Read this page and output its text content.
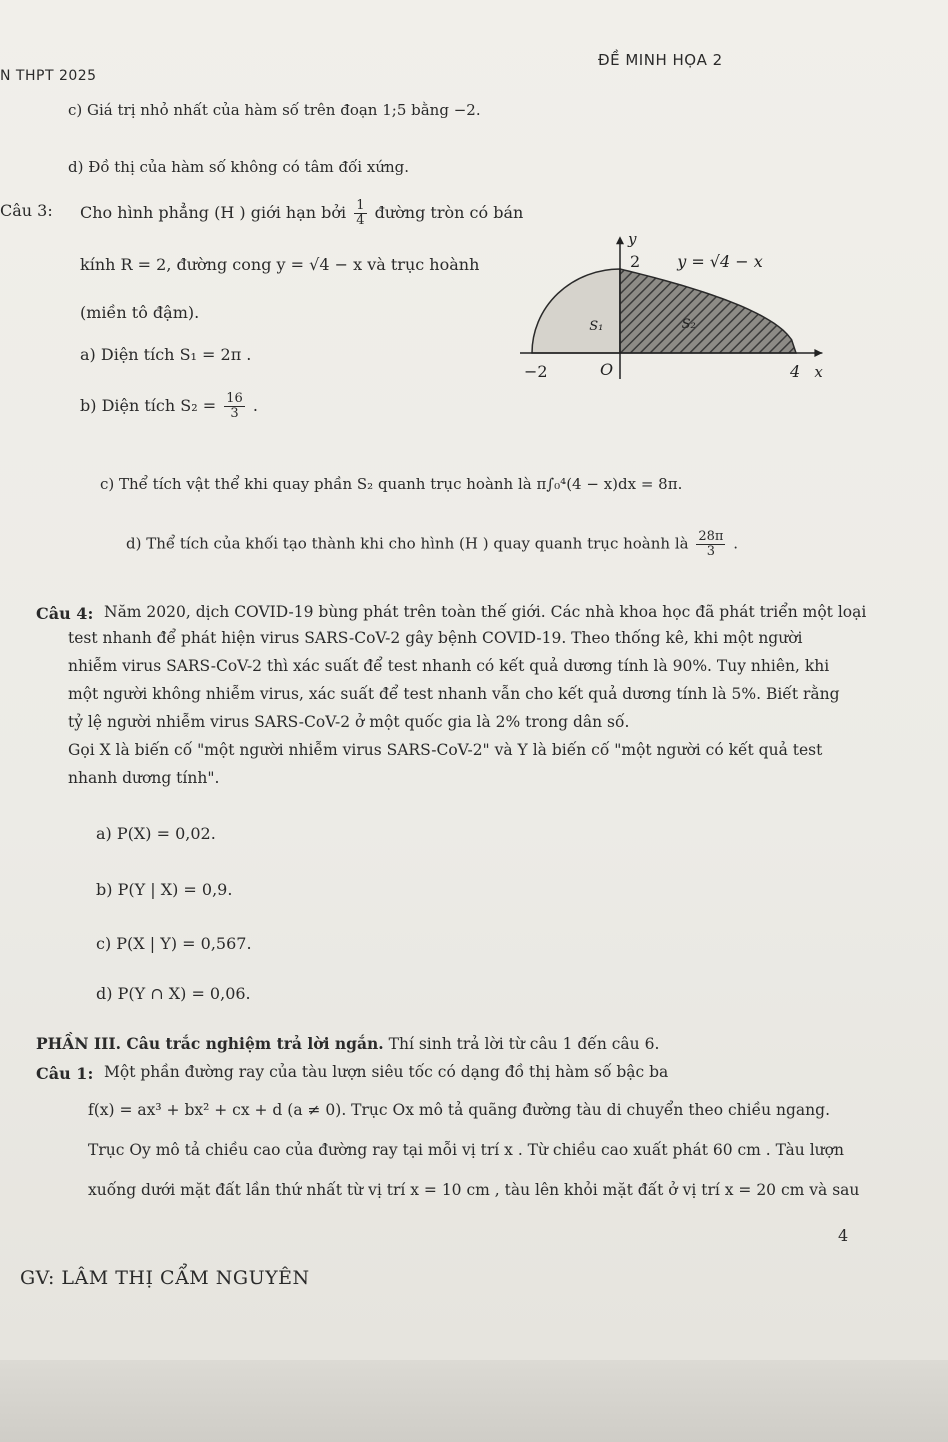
N THPT 2025
ĐỀ MINH HỌA 2
c) Giá trị nhỏ nhất của hàm số trên đoạn 1;5 bằng −2.
d) Đồ thị của hàm số không có tâm đối xứng.
Câu 3: Cho hình phẳng (H ) giới hạn bởi $\frac{1}{4}$ đường tròn có bán
kính R = 2, đường cong y = √4 − x và trục hoành
(miền tô đậm).
a) Diện tích S₁ = 2π .
b) Diện tích $S_2 = \frac{16}{3}$ .
c) Thể tích vật thể khi quay phần S₂ quanh trục hoành là π∫₀⁴(4 − x)dx = 8π.
d) Thể tích của khối tạo thành khi cho hình (H ) quay quanh trục hoành là $\frac{28\pi}{3}$ .
y
x
2 y = √4 − x
S₁	S₂
−2	O	4
Câu 4: Năm 2020, dịch COVID-19 bùng phát trên toàn thế giới. Các nhà khoa học đã phát triển một loại
test nhanh để phát hiện virus SARS-CoV-2 gây bệnh COVID-19. Theo thống kê, khi một người
nhiễm virus SARS-CoV-2 thì xác suất để test nhanh có kết quả dương tính là 90%. Tuy nhiên, khi
một người không nhiễm virus, xác suất để test nhanh vẫn cho kết quả dương tính là 5%. Biết rằng
tỷ lệ người nhiễm virus SARS-CoV-2 ở một quốc gia là 2% trong dân số.
Gọi X là biến cố "một người nhiễm virus SARS-CoV-2" và Y là biến cố "một người có kết quả test
nhanh dương tính".
a) P(X) = 0,02.
b) P(Y | X) = 0,9.
c) P(X | Y) = 0,567.
d) P(Y ∩ X) = 0,06.
PHẦN III. Câu trắc nghiệm trả lời ngắn. Thí sinh trả lời từ câu 1 đến câu 6.
Câu 1: Một phần đường ray của tàu lượn siêu tốc có dạng đồ thị hàm số bậc ba
f(x) = ax³ + bx² + cx + d (a ≠ 0). Trục Ox mô tả quãng đường tàu di chuyển theo chiều ngang.
Trục Oy mô tả chiều cao của đường ray tại mỗi vị trí x . Từ chiều cao xuất phát 60 cm . Tàu lượn
xuống dưới mặt đất lần thứ nhất từ vị trí x = 10 cm , tàu lên khỏi mặt đất ở vị trí x = 20 cm và sau
4
GV: LÂM THỊ CẨM NGUYÊN
